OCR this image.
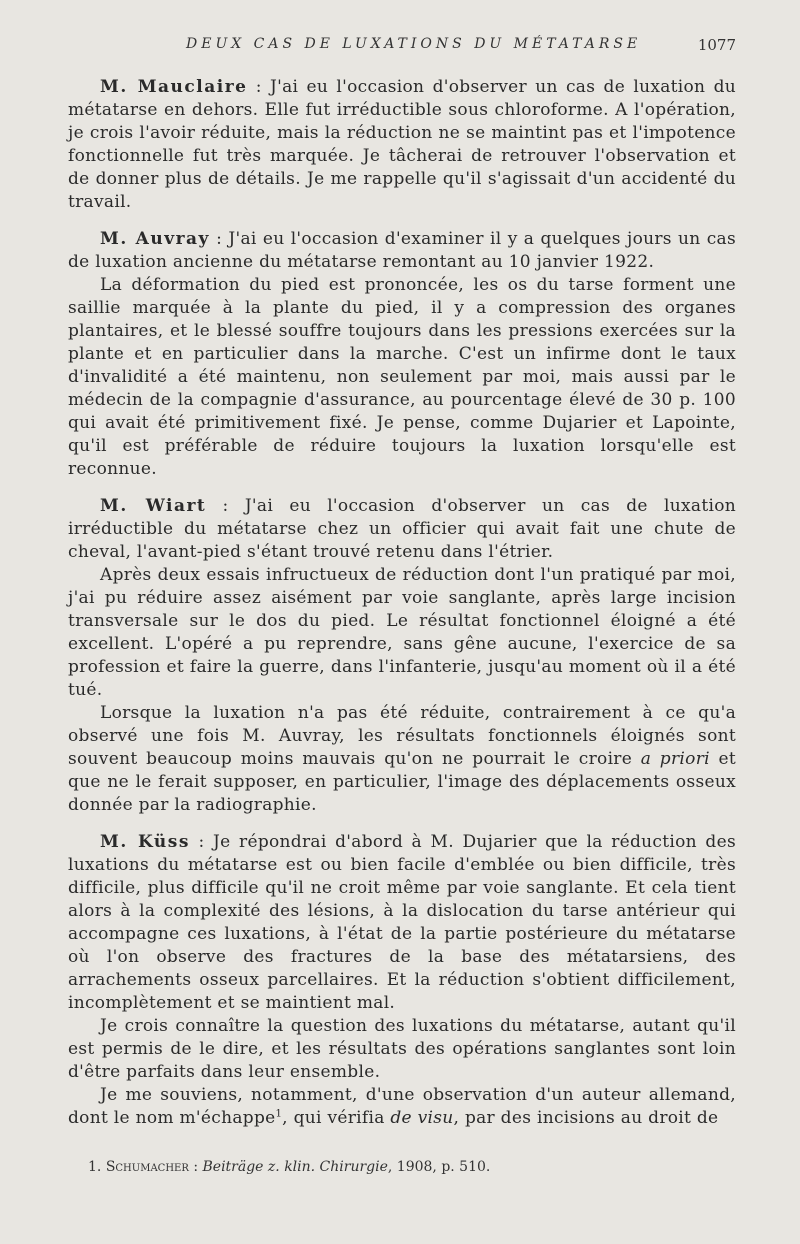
DEUX CAS DE LUXATIONS DU MÉTATARSE	1077

M. Mauclaire : J'ai eu l'occasion d'observer un cas de luxation du métatarse en dehors. Elle fut irréductible sous chloroforme. A l'opération, je crois l'avoir réduite, mais la réduction ne se maintint pas et l'impotence fonctionnelle fut très marquée. Je tâcherai de retrouver l'observation et de donner plus de détails. Je me rappelle qu'il s'agissait d'un accidenté du travail.

M. Auvray : J'ai eu l'occasion d'examiner il y a quelques jours un cas de luxation ancienne du métatarse remontant au 10 janvier 1922.

La déformation du pied est prononcée, les os du tarse forment une saillie marquée à la plante du pied, il y a compression des organes plantaires, et le blessé souffre toujours dans les pressions exercées sur la plante et en particulier dans la marche. C'est un infirme dont le taux d'invalidité a été maintenu, non seulement par moi, mais aussi par le médecin de la compagnie d'assurance, au pourcentage élevé de 30 p. 100 qui avait été primitivement fixé. Je pense, comme Dujarier et Lapointe, qu'il est préférable de réduire toujours la luxation lorsqu'elle est reconnue.

M. Wiart : J'ai eu l'occasion d'observer un cas de luxation irréductible du métatarse chez un officier qui avait fait une chute de cheval, l'avant-pied s'étant trouvé retenu dans l'étrier.

Après deux essais infructueux de réduction dont l'un pratiqué par moi, j'ai pu réduire assez aisément par voie sanglante, après large incision transversale sur le dos du pied. Le résultat fonctionnel éloigné a été excellent. L'opéré a pu reprendre, sans gêne aucune, l'exercice de sa profession et faire la guerre, dans l'infanterie, jusqu'au moment où il a été tué.

Lorsque la luxation n'a pas été réduite, contrairement à ce qu'a observé une fois M. Auvray, les résultats fonctionnels éloignés sont souvent beaucoup moins mauvais qu'on ne pourrait le croire a priori et que ne le ferait supposer, en particulier, l'image des déplacements osseux donnée par la radiographie.

M. Küss : Je répondrai d'abord à M. Dujarier que la réduction des luxations du métatarse est ou bien facile d'emblée ou bien difficile, très difficile, plus difficile qu'il ne croit même par voie sanglante. Et cela tient alors à la complexité des lésions, à la dislocation du tarse antérieur qui accompagne ces luxations, à l'état de la partie postérieure du métatarse où l'on observe des fractures de la base des métatarsiens, des arrachements osseux parcellaires. Et la réduction s'obtient difficilement, incomplètement et se maintient mal.

Je crois connaître la question des luxations du métatarse, autant qu'il est permis de le dire, et les résultats des opérations sanglantes sont loin d'être parfaits dans leur ensemble.

Je me souviens, notamment, d'une observation d'un auteur allemand, dont le nom m'échappe$^1$, qui vérifia de visu, par des incisions au droit de

1. Schumacher : Beiträge z. klin. Chirurgie, 1908, p. 510.
